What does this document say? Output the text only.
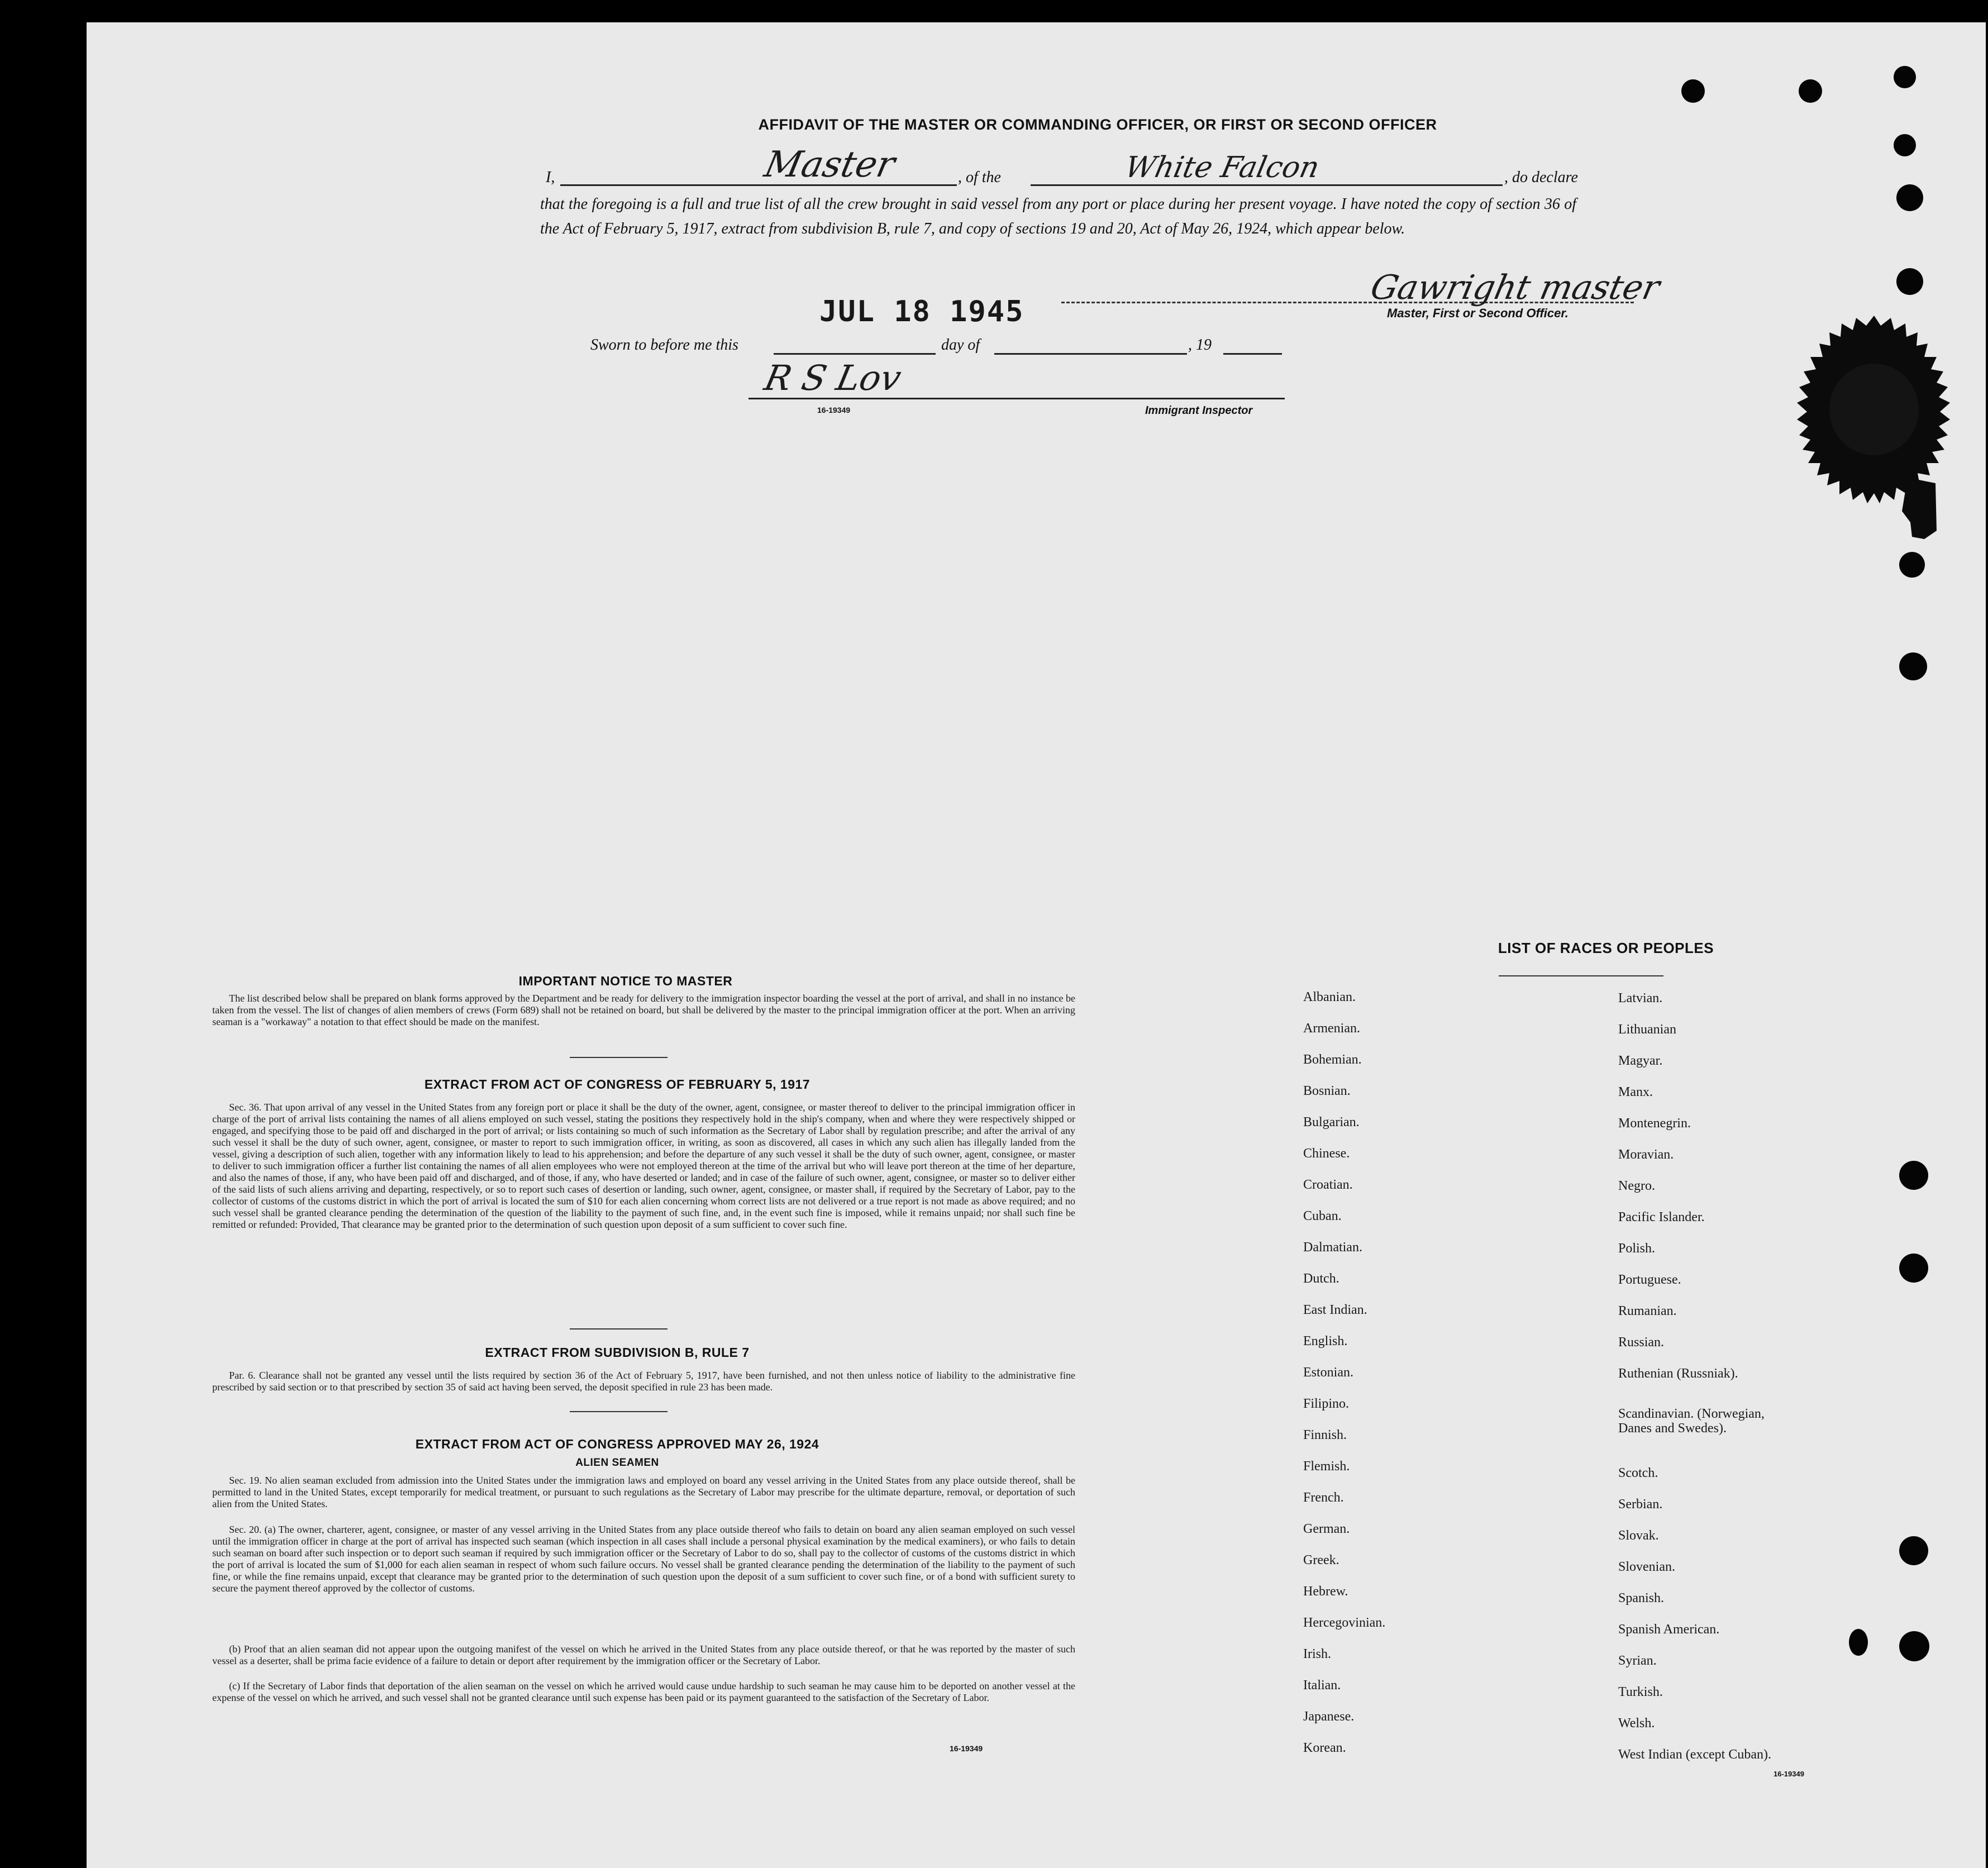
AFFIDAVIT OF THE MASTER OR COMMANDING OFFICER, OR FIRST OR SECOND OFFICER
I,	Master	, of the	White Falcon	, do declare
that the foregoing is a full and true list of all the crew brought in said vessel from any port or place during her present voyage. I have noted the copy of section 36 of the Act of February 5, 1917, extract from subdivision B, rule 7, and copy of sections 19 and 20, Act of May 26, 1924, which appear below.
JUL 18 1945
Gawright master
Master, First or Second Officer.
Sworn to before me this	day of	, 19
R S Lov
16-19349	Immigrant Inspector
IMPORTANT NOTICE TO MASTER
The list described below shall be prepared on blank forms approved by the Department and be ready for delivery to the immigration inspector boarding the vessel at the port of arrival, and shall in no instance be taken from the vessel. The list of changes of alien members of crews (Form 689) shall not be retained on board, but shall be delivered by the master to the principal immigration officer at the port. When an arriving seaman is a "workaway" a notation to that effect should be made on the manifest.
EXTRACT FROM ACT OF CONGRESS OF FEBRUARY 5, 1917
Sec. 36. That upon arrival of any vessel in the United States from any foreign port or place it shall be the duty of the owner, agent, consignee, or master thereof to deliver to the principal immigration officer in charge of the port of arrival lists containing the names of all aliens employed on such vessel, stating the positions they respectively hold in the ship's company, when and where they were respectively shipped or engaged, and specifying those to be paid off and discharged in the port of arrival; or lists containing so much of such information as the Secretary of Labor shall by regulation prescribe; and after the arrival of any such vessel it shall be the duty of such owner, agent, consignee, or master to report to such immigration officer, in writing, as soon as discovered, all cases in which any such alien has illegally landed from the vessel, giving a description of such alien, together with any information likely to lead to his apprehension; and before the departure of any such vessel it shall be the duty of such owner, agent, consignee, or master to deliver to such immigration officer a further list containing the names of all alien employees who were not employed thereon at the time of the arrival but who will leave port thereon at the time of her departure, and also the names of those, if any, who have been paid off and discharged, and of those, if any, who have deserted or landed; and in case of the failure of such owner, agent, consignee, or master so to deliver either of the said lists of such aliens arriving and departing, respectively, or so to report such cases of desertion or landing, such owner, agent, consignee, or master shall, if required by the Secretary of Labor, pay to the collector of customs of the customs district in which the port of arrival is located the sum of $10 for each alien concerning whom correct lists are not delivered or a true report is not made as above required; and no such vessel shall be granted clearance pending the determination of the question of the liability to the payment of such fine, and, in the event such fine is imposed, while it remains unpaid; nor shall such fine be remitted or refunded: Provided, That clearance may be granted prior to the determination of such question upon deposit of a sum sufficient to cover such fine.
EXTRACT FROM SUBDIVISION B, RULE 7
Par. 6. Clearance shall not be granted any vessel until the lists required by section 36 of the Act of February 5, 1917, have been furnished, and not then unless notice of liability to the administrative fine prescribed by said section or to that prescribed by section 35 of said act having been served, the deposit specified in rule 23 has been made.
EXTRACT FROM ACT OF CONGRESS APPROVED MAY 26, 1924
ALIEN SEAMEN
Sec. 19. No alien seaman excluded from admission into the United States under the immigration laws and employed on board any vessel arriving in the United States from any place outside thereof, shall be permitted to land in the United States, except temporarily for medical treatment, or pursuant to such regulations as the Secretary of Labor may prescribe for the ultimate departure, removal, or deportation of such alien from the United States.
Sec. 20. (a) The owner, charterer, agent, consignee, or master of any vessel arriving in the United States from any place outside thereof who fails to detain on board any alien seaman employed on such vessel until the immigration officer in charge at the port of arrival has inspected such seaman (which inspection in all cases shall include a personal physical examination by the medical examiners), or who fails to detain such seaman on board after such inspection or to deport such seaman if required by such immigration officer or the Secretary of Labor to do so, shall pay to the collector of customs of the customs district in which the port of arrival is located the sum of $1,000 for each alien seaman in respect of whom such failure occurs. No vessel shall be granted clearance pending the determination of the liability to the payment of such fine, or while the fine remains unpaid, except that clearance may be granted prior to the determination of such question upon the deposit of a sum sufficient to cover such fine, or of a bond with sufficient surety to secure the payment thereof approved by the collector of customs.
(b) Proof that an alien seaman did not appear upon the outgoing manifest of the vessel on which he arrived in the United States from any place outside thereof, or that he was reported by the master of such vessel as a deserter, shall be prima facie evidence of a failure to detain or deport after requirement by the immigration officer or the Secretary of Labor.
(c) If the Secretary of Labor finds that deportation of the alien seaman on the vessel on which he arrived would cause undue hardship to such seaman he may cause him to be deported on another vessel at the expense of the vessel on which he arrived, and such vessel shall not be granted clearance until such expense has been paid or its payment guaranteed to the satisfaction of the Secretary of Labor.
16-19349
LIST OF RACES OR PEOPLES
Albanian.
Armenian.
Bohemian.
Bosnian.
Bulgarian.
Chinese.
Croatian.
Cuban.
Dalmatian.
Dutch.
East Indian.
English.
Estonian.
Filipino.
Finnish.
Flemish.
French.
German.
Greek.
Hebrew.
Hercegovinian.
Irish.
Italian.
Japanese.
Korean.
Latvian.
Lithuanian
Magyar.
Manx.
Montenegrin.
Moravian.
Negro.
Pacific Islander.
Polish.
Portuguese.
Rumanian.
Russian.
Ruthenian (Russniak).
Scandinavian. (Norwegian,
Danes and Swedes).
Scotch.
Serbian.
Slovak.
Slovenian.
Spanish.
Spanish American.
Syrian.
Turkish.
Welsh.
West Indian (except Cuban).
16-19349
